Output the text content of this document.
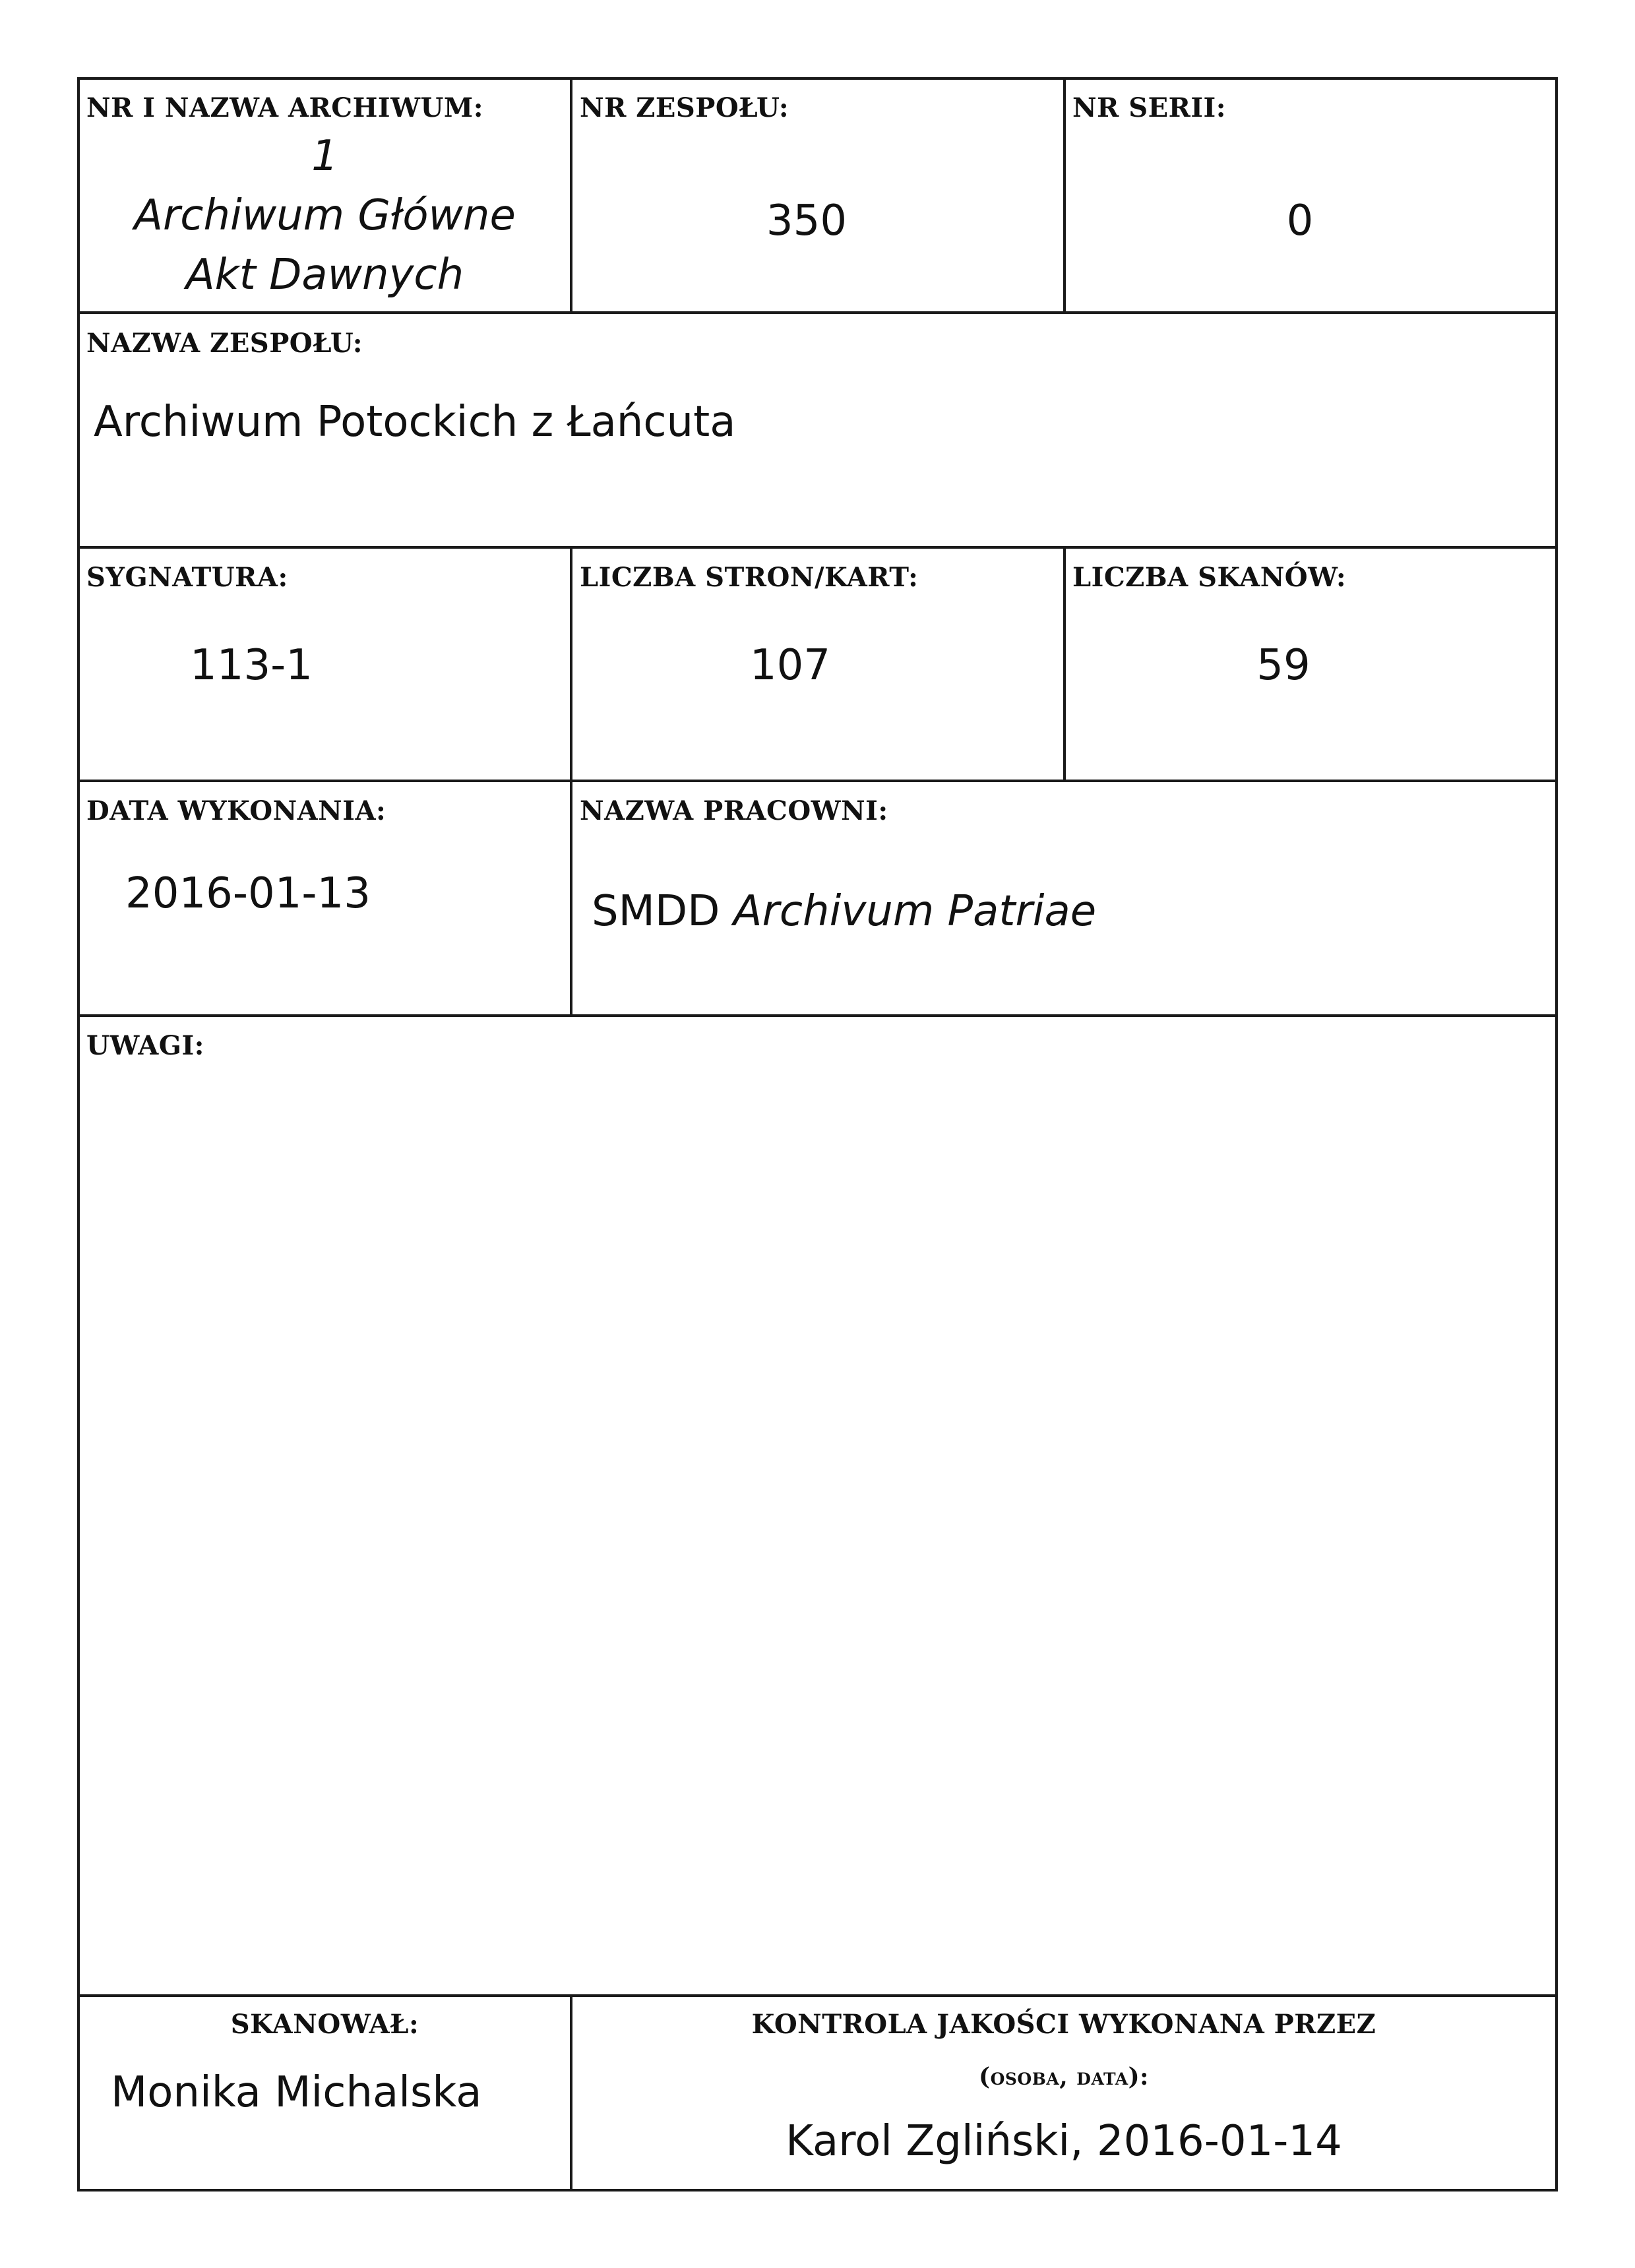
NR I NAZWA ARCHIWUM:
1
Archiwum Główne
Akt Dawnych
NR ZESPOŁU:
350
NR SERII:
0
NAZWA ZESPOŁU:
Archiwum Potockich z Łańcuta
SYGNATURA:
113-1
LICZBA STRON/KART:
107
LICZBA SKANÓW:
59
DATA WYKONANIA:
2016-01-13
NAZWA PRACOWNI:
SMDD Archivum Patriae
UWAGI:
SKANOWAŁ:
Monika Michalska
KONTROLA JAKOŚCI WYKONANA PRZEZ
(osoba, data):
Karol Zgliński, 2016-01-14
